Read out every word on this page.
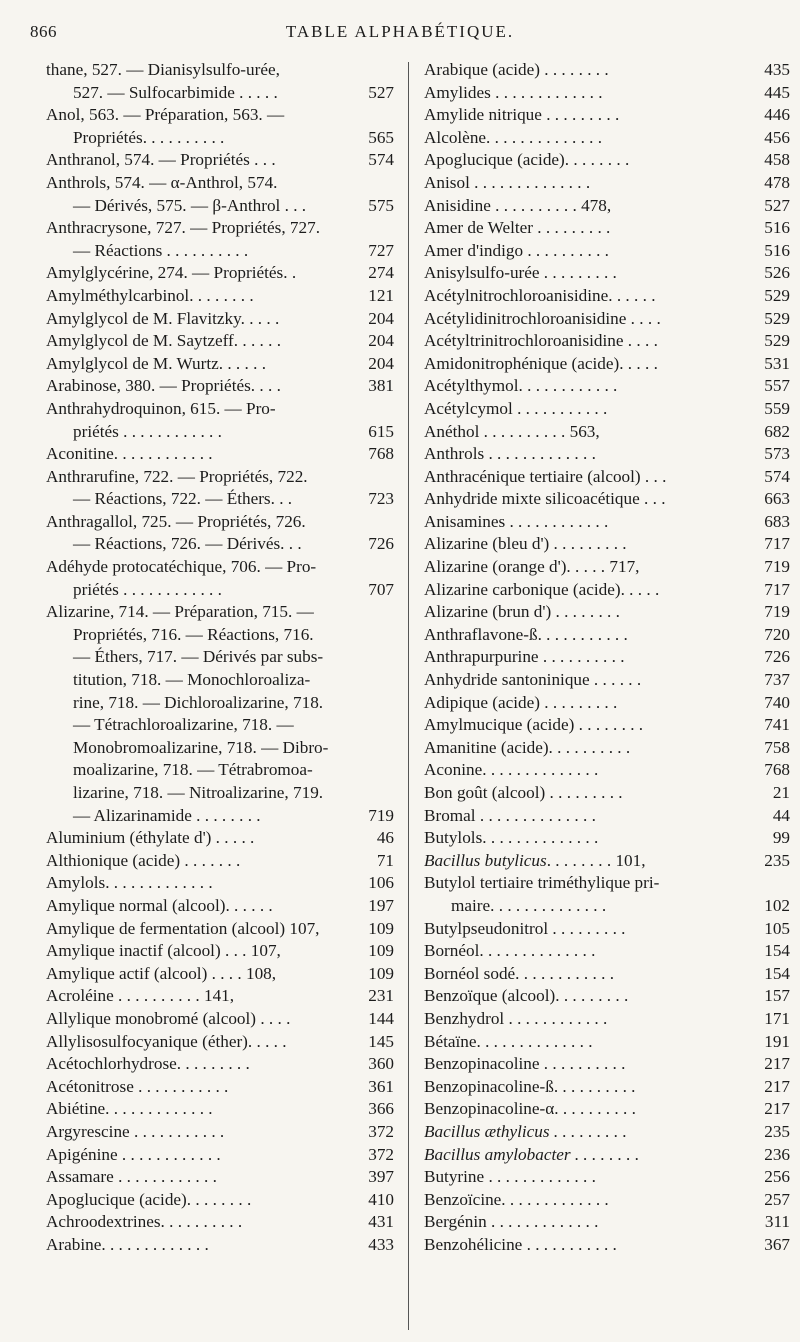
866	TABLE ALPHABÉTIQUE.
thane, 527. — Dianisylsulfo-urée,
527. — Sulfocarbimide . . . . .	527
Anol, 563. — Préparation, 563. —
Propriétés. . . . . . . . . .	565
Anthranol, 574. — Propriétés . . .	574
Anthrols, 574. — α-Anthrol, 574.
— Dérivés, 575. — β-Anthrol . . .	575
Anthracrysone, 727. — Propriétés, 727.
— Réactions . . . . . . . . . .	727
Amylglycérine, 274. — Propriétés. .	274
Amylméthylcarbinol. . . . . . . .	121
Amylglycol de M. Flavitzky. . . . .	204
Amylglycol de M. Saytzeff. . . . . .	204
Amylglycol de M. Wurtz. . . . . .	204
Arabinose, 380. — Propriétés. . . .	381
Anthrahydroquinon, 615. — Pro-
priétés . . . . . . . . . . . .	615
Aconitine. . . . . . . . . . . .	768
Anthrarufine, 722. — Propriétés, 722.
— Réactions, 722. — Éthers. . .	723
Anthragallol, 725. — Propriétés, 726.
— Réactions, 726. — Dérivés. . .	726
Adéhyde protocatéchique, 706. — Pro-
priétés . . . . . . . . . . . .	707
Alizarine, 714. — Préparation, 715. —
Propriétés, 716. — Réactions, 716.
— Éthers, 717. — Dérivés par subs-
titution, 718. — Monochloroaliza-
rine, 718. — Dichloroalizarine, 718.
— Tétrachloroalizarine, 718. —
Monobromoalizarine, 718. — Dibro-
moalizarine, 718. — Tétrabromoa-
lizarine, 718. — Nitroalizarine, 719.
— Alizarinamide . . . . . . . .	719
Aluminium (éthylate d') . . . . .	46
Althionique (acide) . . . . . . .	71
Amylols. . . . . . . . . . . . .	106
Amylique normal (alcool). . . . . .	197
Amylique de fermentation (alcool) 107,	109
Amylique inactif (alcool) . . . 107,	109
Amylique actif (alcool) . . . . 108,	109
Acroléine . . . . . . . . . . 141,	231
Allylique monobromé (alcool) . . . .	144
Allylisosulfocyanique (éther). . . . .	145
Acétochlorhydrose. . . . . . . . .	360
Acétonitrose . . . . . . . . . . .	361
Abiétine. . . . . . . . . . . . .	366
Argyrescine . . . . . . . . . . .	372
Apigénine . . . . . . . . . . . .	372
Assamare . . . . . . . . . . . .	397
Apoglucique (acide). . . . . . . .	410
Achroodextrines. . . . . . . . . .	431
Arabine. . . . . . . . . . . . .	433
Arabique (acide) . . . . . . . .	435
Amylides . . . . . . . . . . . . .	445
Amylide nitrique . . . . . . . . .	446
Alcolène. . . . . . . . . . . . . .	456
Apoglucique (acide). . . . . . . .	458
Anisol . . . . . . . . . . . . . .	478
Anisidine . . . . . . . . . . 478,	527
Amer de Welter . . . . . . . . .	516
Amer d'indigo . . . . . . . . . .	516
Anisylsulfo-urée . . . . . . . . .	526
Acétylnitrochloroanisidine. . . . . .	529
Acétylidinitrochloroanisidine . . . .	529
Acétyltrinitrochloroanisidine . . . .	529
Amidonitrophénique (acide). . . . .	531
Acétylthymol. . . . . . . . . . . .	557
Acétylcymol . . . . . . . . . . .	559
Anéthol . . . . . . . . . . 563,	682
Anthrols . . . . . . . . . . . . .	573
Anthracénique tertiaire (alcool) . . .	574
Anhydride mixte silicoacétique . . .	663
Anisamines . . . . . . . . . . . .	683
Alizarine (bleu d') . . . . . . . . .	717
Alizarine (orange d'). . . . . 717,	719
Alizarine carbonique (acide). . . . .	717
Alizarine (brun d') . . . . . . . .	719
Anthraflavone-ß. . . . . . . . . . .	720
Anthrapurpurine . . . . . . . . . .	726
Anhydride santoninique . . . . . .	737
Adipique (acide) . . . . . . . . .	740
Amylmucique (acide) . . . . . . . .	741
Amanitine (acide). . . . . . . . . .	758
Aconine. . . . . . . . . . . . . .	768
Bon goût (alcool) . . . . . . . . .	21
Bromal . . . . . . . . . . . . . .	44
Butylols. . . . . . . . . . . . . .	99
Bacillus butylicus. . . . . . . . 101,	235
Butylol tertiaire triméthylique pri-
maire. . . . . . . . . . . . . .	102
Butylpseudonitrol . . . . . . . . .	105
Bornéol. . . . . . . . . . . . . .	154
Bornéol sodé. . . . . . . . . . . .	154
Benzoïque (alcool). . . . . . . . .	157
Benzhydrol . . . . . . . . . . . .	171
Bétaïne. . . . . . . . . . . . . .	191
Benzopinacoline . . . . . . . . . .	217
Benzopinacoline-ß. . . . . . . . . .	217
Benzopinacoline-α. . . . . . . . . .	217
Bacillus æthylicus . . . . . . . . .	235
Bacillus amylobacter . . . . . . . .	236
Butyrine . . . . . . . . . . . . .	256
Benzoïcine. . . . . . . . . . . . .	257
Bergénin . . . . . . . . . . . . .	311
Benzohélicine . . . . . . . . . . .	367
